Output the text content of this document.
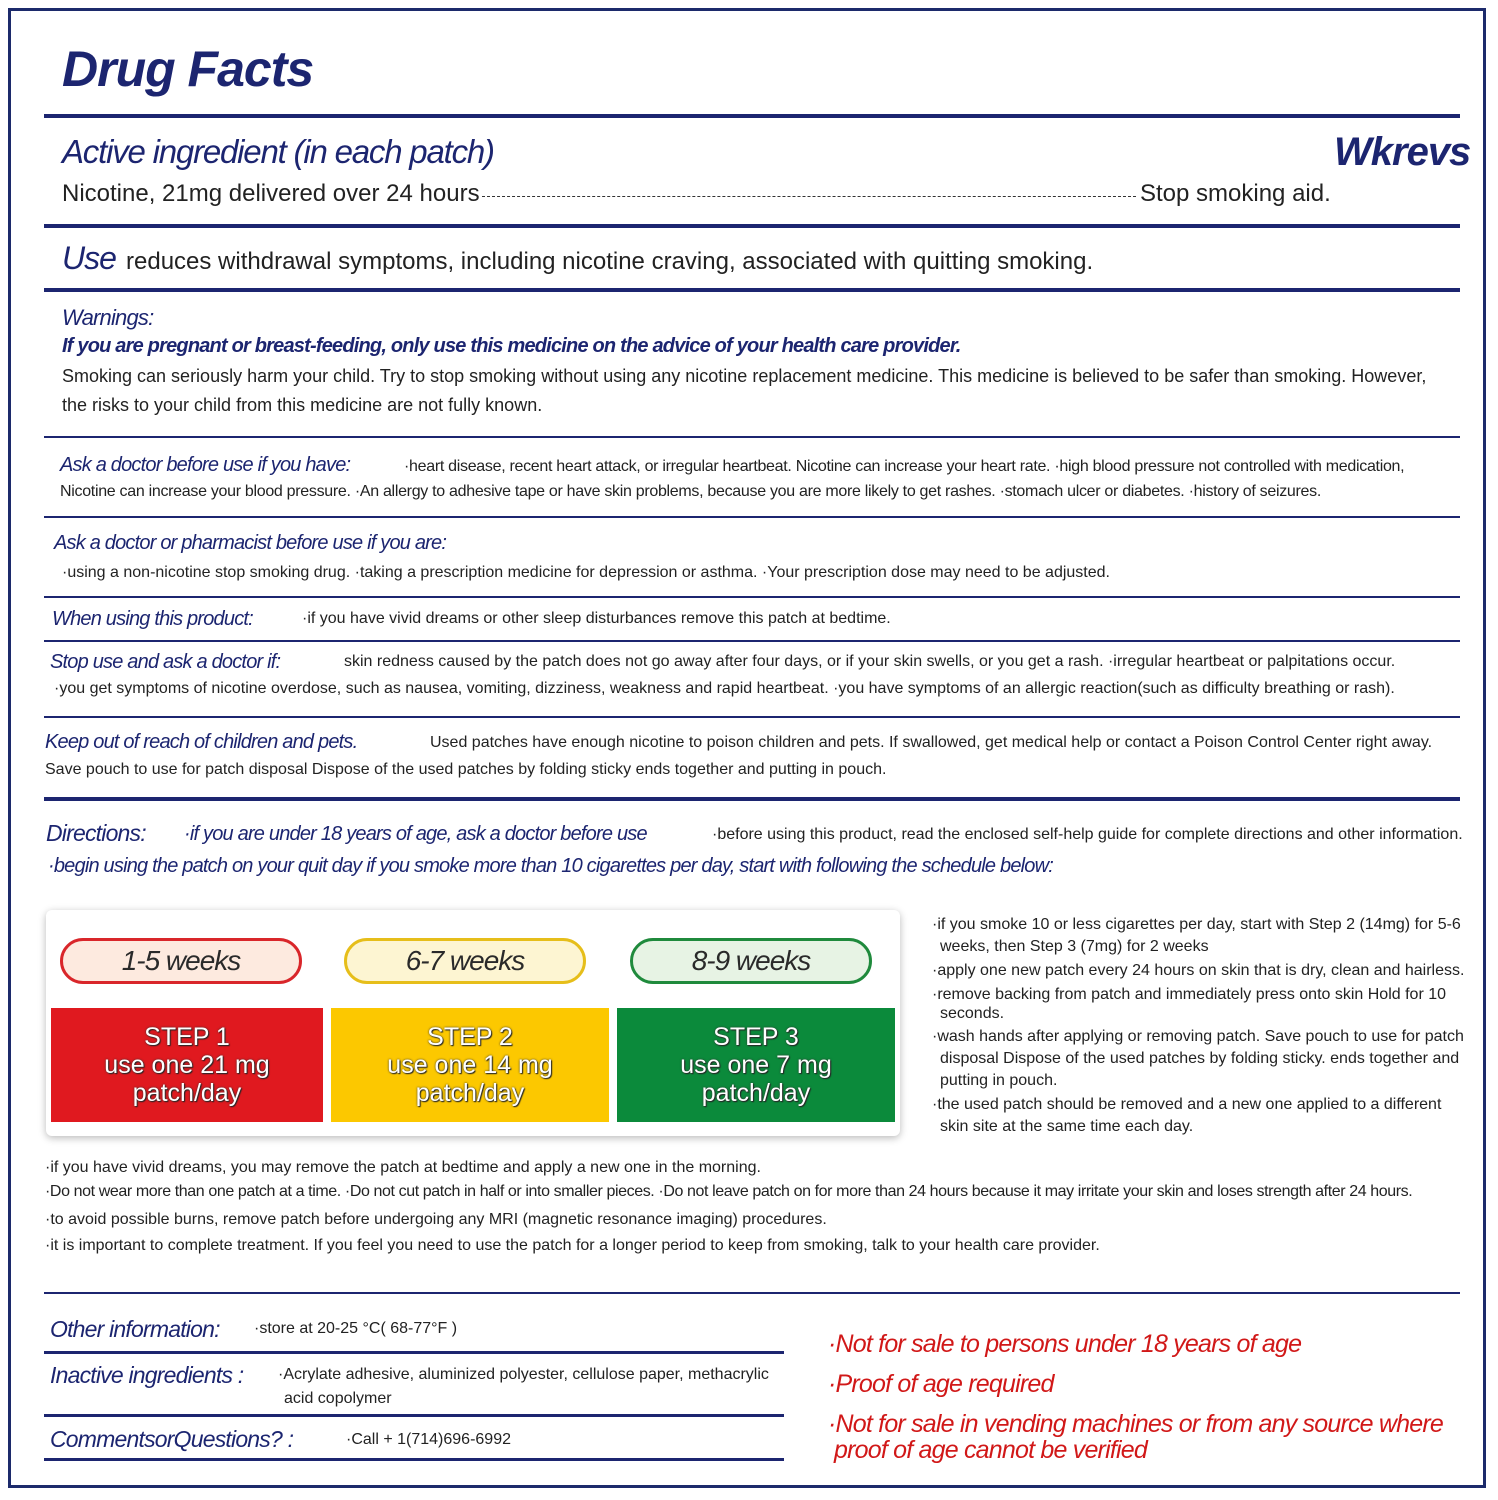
Drug Facts
Active ingredient (in each patch)	Wkrevs
Nicotine, 21mg delivered over 24 hours	Stop smoking aid.
Use reduces withdrawal symptoms, including nicotine craving, associated with quitting smoking.
Warnings:
If you are pregnant or breast-feeding, only use this medicine on the advice of your health care provider.
Smoking can seriously harm your child. Try to stop smoking without using any nicotine replacement medicine. This medicine is believed to be safer than smoking. However,
the risks to your child from this medicine are not fully known.
Ask a doctor before use if you have:	·heart disease, recent heart attack, or irregular heartbeat. Nicotine can increase your heart rate. ·high blood pressure not controlled with medication,
Nicotine can increase your blood pressure. ·An allergy to adhesive tape or have skin problems, because you are more likely to get rashes. ·stomach ulcer or diabetes. ·history of seizures.
Ask a doctor or pharmacist before use if you are:
·using a non-nicotine stop smoking drug. ·taking a prescription medicine for depression or asthma. ·Your prescription dose may need to be adjusted.
When using this product:	·if you have vivid dreams or other sleep disturbances remove this patch at bedtime.
Stop use and ask a doctor if:	skin redness caused by the patch does not go away after four days, or if your skin swells, or you get a rash. ·irregular heartbeat or palpitations occur.
·you get symptoms of nicotine overdose, such as nausea, vomiting, dizziness, weakness and rapid heartbeat. ·you have symptoms of an allergic reaction(such as difficulty breathing or rash).
Keep out of reach of children and pets.	Used patches have enough nicotine to poison children and pets. If swallowed, get medical help or contact a Poison Control Center right away.
Save pouch to use for patch disposal Dispose of the used patches by folding sticky ends together and putting in pouch.
Directions: ·if you are under 18 years of age, ask a doctor before use	·before using this product, read the enclosed self-help guide for complete directions and other information.
·begin using the patch on your quit day if you smoke more than 10 cigarettes per day, start with following the schedule below:
1-5 weeks	6-7 weeks	8-9 weeks
STEP 1
use one 21 mg
patch/day
STEP 2
use one 14 mg
patch/day
STEP 3
use one 7 mg
patch/day
·if you smoke 10 or less cigarettes per day, start with Step 2 (14mg) for 5-6
weeks, then Step 3 (7mg) for 2 weeks
·apply one new patch every 24 hours on skin that is dry, clean and hairless.
·remove backing from patch and immediately press onto skin Hold for 10
seconds.
·wash hands after applying or removing patch. Save pouch to use for patch
disposal Dispose of the used patches by folding sticky. ends together and
putting in pouch.
·the used patch should be removed and a new one applied to a different
skin site at the same time each day.
·if you have vivid dreams, you may remove the patch at bedtime and apply a new one in the morning.
·Do not wear more than one patch at a time. ·Do not cut patch in half or into smaller pieces. ·Do not leave patch on for more than 24 hours because it may irritate your skin and loses strength after 24 hours.
·to avoid possible burns, remove patch before undergoing any MRI (magnetic resonance imaging) procedures.
·it is important to complete treatment. If you feel you need to use the patch for a longer period to keep from smoking, talk to your health care provider.
Other information: ·store at 20-25 °C( 68-77°F )
Inactive ingredients : ·Acrylate adhesive, aluminized polyester, cellulose paper, methacrylic
acid copolymer
CommentsorQuestions? :	·Call + 1(714)696-6992
·Not for sale to persons under 18 years of age
·Proof of age required
·Not for sale in vending machines or from any source where
proof of age cannot be verified
